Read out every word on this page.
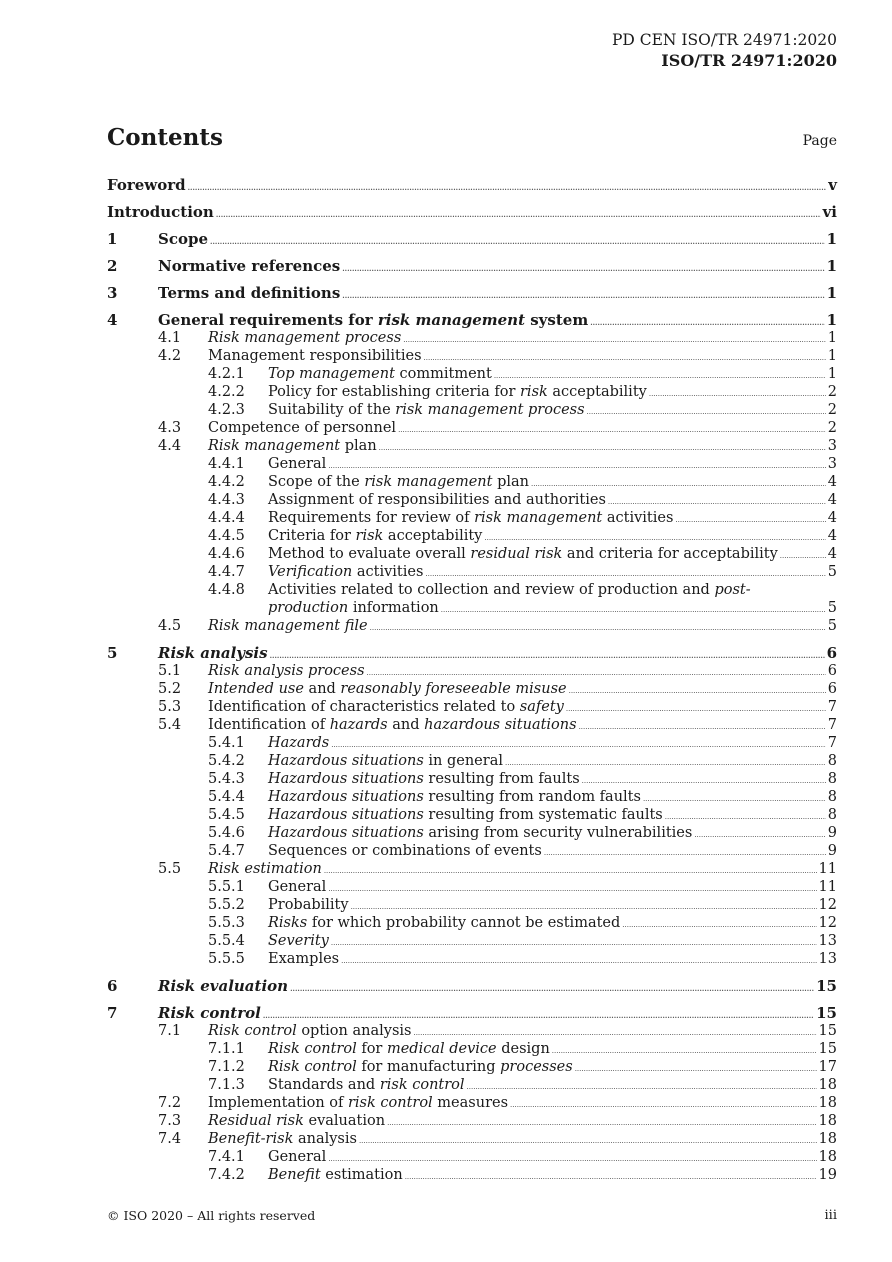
PD CEN ISO/TR 24971:2020
ISO/TR 24971:2020
Contents	Page
Foreword .....	v
Introduction .....	vi
1	Scope .....	1
2	Normative references .....	1
3	Terms and definitions .....	1
4	General requirements for risk management system .....	1
4.1 Risk management process .....	1
4.2 Management responsibilities .....	1
4.2.1 Top management commitment .....	1
4.2.2 Policy for establishing criteria for risk acceptability .....	2
4.2.3 Suitability of the risk management process .....	2
4.3 Competence of personnel .....	2
4.4 Risk management plan .....	3
4.4.1 General .....	3
4.4.2 Scope of the risk management plan .....	4
4.4.3 Assignment of responsibilities and authorities .....	4
4.4.4 Requirements for review of risk management activities .....	4
4.4.5 Criteria for risk acceptability .....	4
4.4.6 Method to evaluate overall residual risk and criteria for acceptability .....	4
4.4.7 Verification activities .....	5
4.4.8 Activities related to collection and review of production and post-
production information .....	5
4.5 Risk management file .....	5
5	Risk analysis .....	6
5.1 Risk analysis process .....	6
5.2 Intended use and reasonably foreseeable misuse .....	6
5.3 Identification of characteristics related to safety .....	7
5.4 Identification of hazards and hazardous situations .....	7
5.4.1 Hazards .....	7
5.4.2 Hazardous situations in general .....	8
5.4.3 Hazardous situations resulting from faults .....	8
5.4.4 Hazardous situations resulting from random faults .....	8
5.4.5 Hazardous situations resulting from systematic faults .....	8
5.4.6 Hazardous situations arising from security vulnerabilities .....	9
5.4.7 Sequences or combinations of events .....	9
5.5 Risk estimation .....	11
5.5.1 General .....	11
5.5.2 Probability .....	12
5.5.3 Risks for which probability cannot be estimated .....	12
5.5.4 Severity .....	13
5.5.5 Examples .....	13
6	Risk evaluation .....	15
7	Risk control .....	15
7.1 Risk control option analysis .....	15
7.1.1 Risk control for medical device design .....	15
7.1.2 Risk control for manufacturing processes .....	17
7.1.3 Standards and risk control .....	18
7.2 Implementation of risk control measures .....	18
7.3 Residual risk evaluation .....	18
7.4 Benefit-risk analysis .....	18
7.4.1 General .....	18
7.4.2 Benefit estimation .....	19
© ISO 2020 – All rights reserved	iii
